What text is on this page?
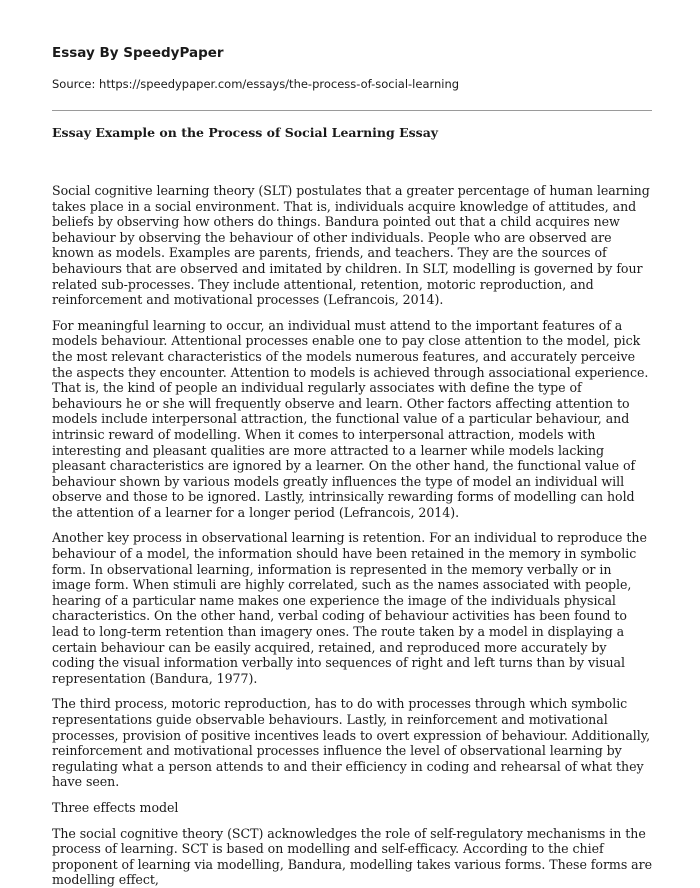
Essay By SpeedyPaper
Source: https://speedypaper.com/essays/the-process-of-social-learning
Essay Example on the Process of Social Learning Essay

Social cognitive learning theory (SLT) postulates that a greater percentage of human learning takes place in a social environment. That is, individuals acquire knowledge of attitudes, and beliefs by observing how others do things. Bandura pointed out that a child acquires new behaviour by observing the behaviour of other individuals. People who are observed are known as models. Examples are parents, friends, and teachers. They are the sources of behaviours that are observed and imitated by children. In SLT, modelling is governed by four related sub-processes. They include attentional, retention, motoric reproduction, and reinforcement and motivational processes (Lefrancois, 2014).

For meaningful learning to occur, an individual must attend to the important features of a models behaviour. Attentional processes enable one to pay close attention to the model, pick the most relevant characteristics of the models numerous features, and accurately perceive the aspects they encounter. Attention to models is achieved through associational experience. That is, the kind of people an individual regularly associates with define the type of behaviours he or she will frequently observe and learn. Other factors affecting attention to models include interpersonal attraction, the functional value of a particular behaviour, and intrinsic reward of modelling. When it comes to interpersonal attraction, models with interesting and pleasant qualities are more attracted to a learner while models lacking pleasant characteristics are ignored by a learner. On the other hand, the functional value of behaviour shown by various models greatly influences the type of model an individual will observe and those to be ignored. Lastly, intrinsically rewarding forms of modelling can hold the attention of a learner for a longer period (Lefrancois, 2014).

Another key process in observational learning is retention. For an individual to reproduce the behaviour of a model, the information should have been retained in the memory in symbolic form. In observational learning, information is represented in the memory verbally or in image form. When stimuli are highly correlated, such as the names associated with people, hearing of a particular name makes one experience the image of the individuals physical characteristics. On the other hand, verbal coding of behaviour activities has been found to lead to long-term retention than imagery ones. The route taken by a model in displaying a certain behaviour can be easily acquired, retained, and reproduced more accurately by coding the visual information verbally into sequences of right and left turns than by visual representation (Bandura, 1977).

The third process, motoric reproduction, has to do with processes through which symbolic representations guide observable behaviours. Lastly, in reinforcement and motivational processes, provision of positive incentives leads to overt expression of behaviour. Additionally, reinforcement and motivational processes influence the level of observational learning by regulating what a person attends to and their efficiency in coding and rehearsal of what they have seen.

Three effects model

The social cognitive theory (SCT) acknowledges the role of self-regulatory mechanisms in the process of learning. SCT is based on modelling and self-efficacy. According to the chief proponent of learning via modelling, Bandura, modelling takes various forms. These forms are modelling effect,
